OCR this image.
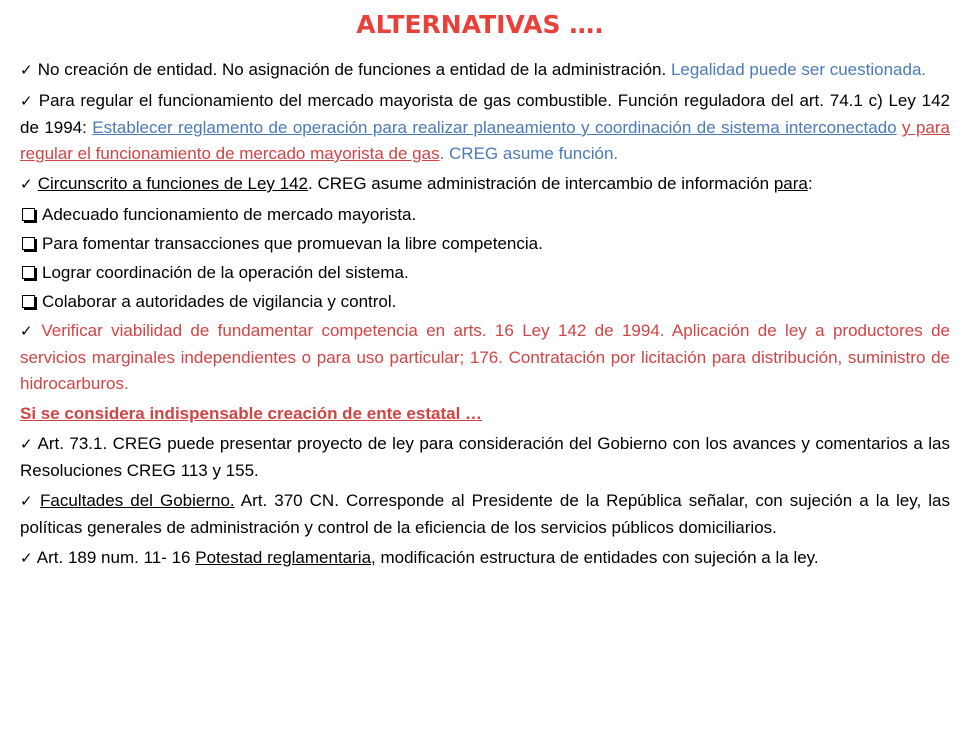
ALTERNATIVAS ….
✓ No creación de entidad. No asignación de funciones a entidad de la administración. Legalidad puede ser cuestionada.
✓ Para regular el funcionamiento del mercado mayorista de gas combustible. Función reguladora del art. 74.1 c) Ley 142 de 1994: Establecer reglamento de operación para realizar planeamiento y coordinación de sistema interconectado y para regular el funcionamiento de mercado mayorista de gas. CREG asume función.
✓ Circunscrito a funciones de Ley 142. CREG asume administración de intercambio de información para:
Adecuado funcionamiento de mercado mayorista.
Para fomentar transacciones que promuevan la libre competencia.
Lograr coordinación de la operación del sistema.
Colaborar a autoridades de vigilancia y control.
✓ Verificar viabilidad de fundamentar competencia en arts. 16 Ley 142 de 1994. Aplicación de ley a productores de servicios marginales independientes o para uso particular; 176. Contratación por licitación para distribución, suministro de hidrocarburos.
Si se considera indispensable creación de ente estatal …
✓ Art. 73.1. CREG puede presentar proyecto de ley para consideración del Gobierno con los avances y comentarios a las Resoluciones CREG 113 y 155.
✓ Facultades del Gobierno. Art. 370 CN. Corresponde al Presidente de la República señalar, con sujeción a la ley, las políticas generales de administración y control de la eficiencia de los servicios públicos domiciliarios.
✓ Art. 189 num. 11- 16 Potestad reglamentaria, modificación estructura de entidades con sujeción a la ley.
